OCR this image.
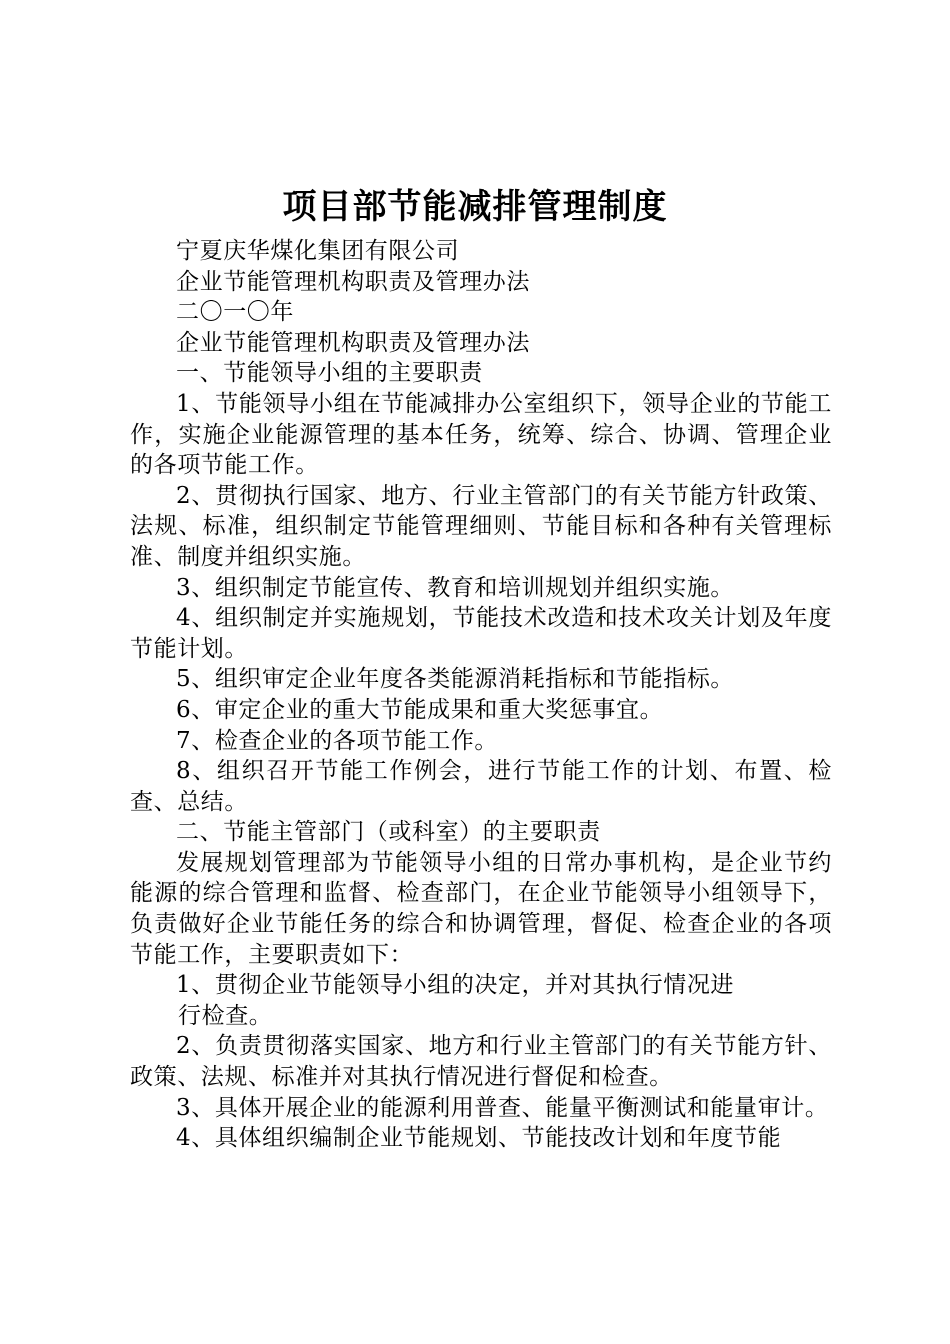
项目部节能减排管理制度

宁夏庆华煤化集团有限公司

企业节能管理机构职责及管理办法

二〇一〇年

企业节能管理机构职责及管理办法

一、节能领导小组的主要职责

1、节能领导小组在节能减排办公室组织下，领导企业的节能工作，实施企业能源管理的基本任务，统筹、综合、协调、管理企业的各项节能工作。

2、贯彻执行国家、地方、行业主管部门的有关节能方针政策、法规、标准，组织制定节能管理细则、节能目标和各种有关管理标准、制度并组织实施。

3、组织制定节能宣传、教育和培训规划并组织实施。

4、组织制定并实施规划，节能技术改造和技术攻关计划及年度节能计划。

5、组织审定企业年度各类能源消耗指标和节能指标。

6、审定企业的重大节能成果和重大奖惩事宜。

7、检查企业的各项节能工作。

8、组织召开节能工作例会，进行节能工作的计划、布置、检查、总结。

二、节能主管部门（或科室）的主要职责

发展规划管理部为节能领导小组的日常办事机构，是企业节约能源的综合管理和监督、检查部门，在企业节能领导小组领导下，负责做好企业节能任务的综合和协调管理，督促、检查企业的各项节能工作，主要职责如下：

1、贯彻企业节能领导小组的决定，并对其执行情况进

行检查。

2、负责贯彻落实国家、地方和行业主管部门的有关节能方针、政策、法规、标准并对其执行情况进行督促和检查。

3、具体开展企业的能源利用普查、能量平衡测试和能量审计。

4、具体组织编制企业节能规划、节能技改计划和年度节能
